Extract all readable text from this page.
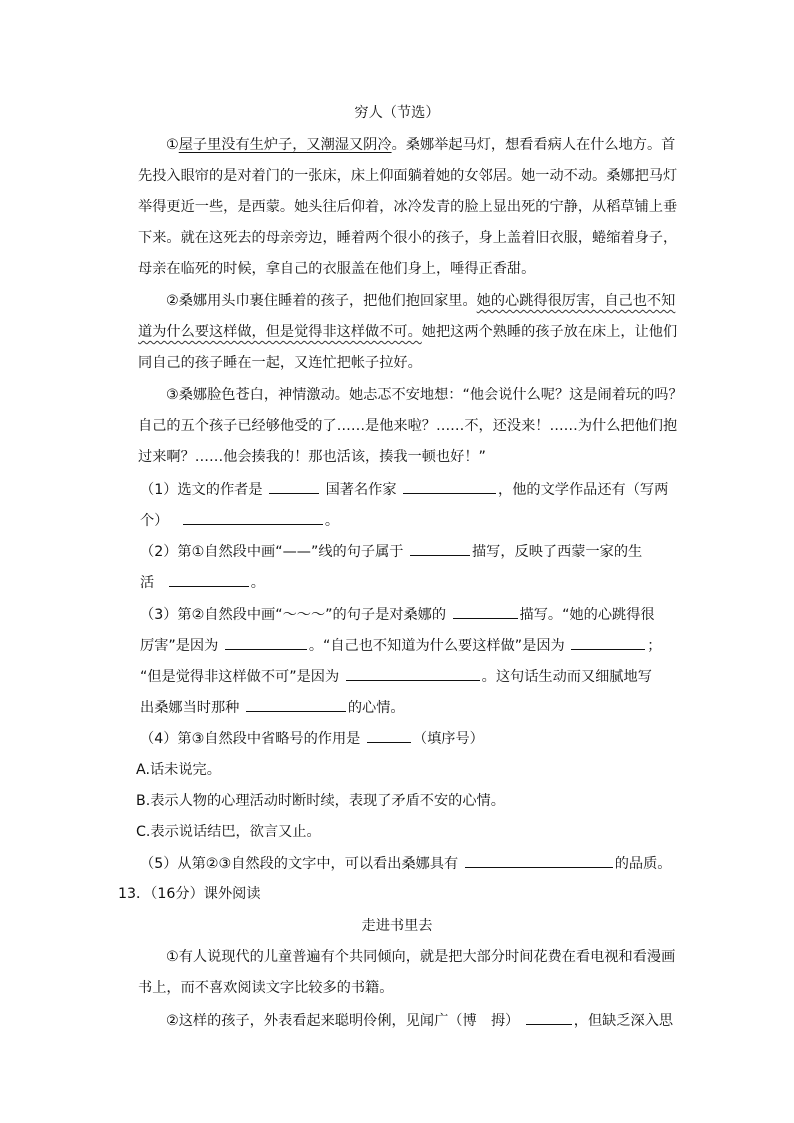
穷人（节选）
①屋子里没有生炉子，又潮湿又阴冷。桑娜举起马灯，想看看病人在什么地方。首
先投入眼帘的是对着门的一张床，床上仰面躺着她的女邻居。她一动不动。桑娜把马灯
举得更近一些，是西蒙。她头往后仰着，冰冷发青的脸上显出死的宁静，从稻草铺上垂
下来。就在这死去的母亲旁边，睡着两个很小的孩子，身上盖着旧衣服，蜷缩着身子，
母亲在临死的时候，拿自己的衣服盖在他们身上，唾得正香甜。
②桑娜用头巾裹住睡着的孩子，把他们抱回家里。她的心跳得很厉害，自己也不知
道为什么要这样做，但是觉得非这样做不可。她把这两个熟睡的孩子放在床上，让他们
同自己的孩子睡在一起，又连忙把帐子拉好。
③桑娜脸色苍白，神情激动。她忐忑不安地想：“他会说什么呢？这是闹着玩的吗？
自己的五个孩子已经够他受的了……是他来啦？……不，还没来！……为什么把他们抱
过来啊？……他会揍我的！那也活该，揍我一顿也好！”
（1）选文的作者是	国著名作家	，他的文学作品还有（写两
个）	。
（2）第①自然段中画“——”线的句子属于	描写，反映了西蒙一家的生
活	。
（3）第②自然段中画“～～～”的句子是对桑娜的	描写。“她的心跳得很
厉害”是因为	。“自己也不知道为什么要这样做”是因为	；
“但是觉得非这样做不可”是因为	。这句话生动而又细腻地写
出桑娜当时那种	的心情。
（4）第③自然段中省略号的作用是	（填序号）
A.话未说完。
B.表示人物的心理活动时断时续，表现了矛盾不安的心情。
C.表示说话结巴，欲言又止。
（5）从第②③自然段的文字中，可以看出桑娜具有	的品质。
13．（16分）课外阅读
走进书里去
①有人说现代的儿童普遍有个共同倾向，就是把大部分时间花费在看电视和看漫画
书上，而不喜欢阅读文字比较多的书籍。
②这样的孩子，外表看起来聪明伶俐，见闻广（博　拇）	，但缺乏深入思
